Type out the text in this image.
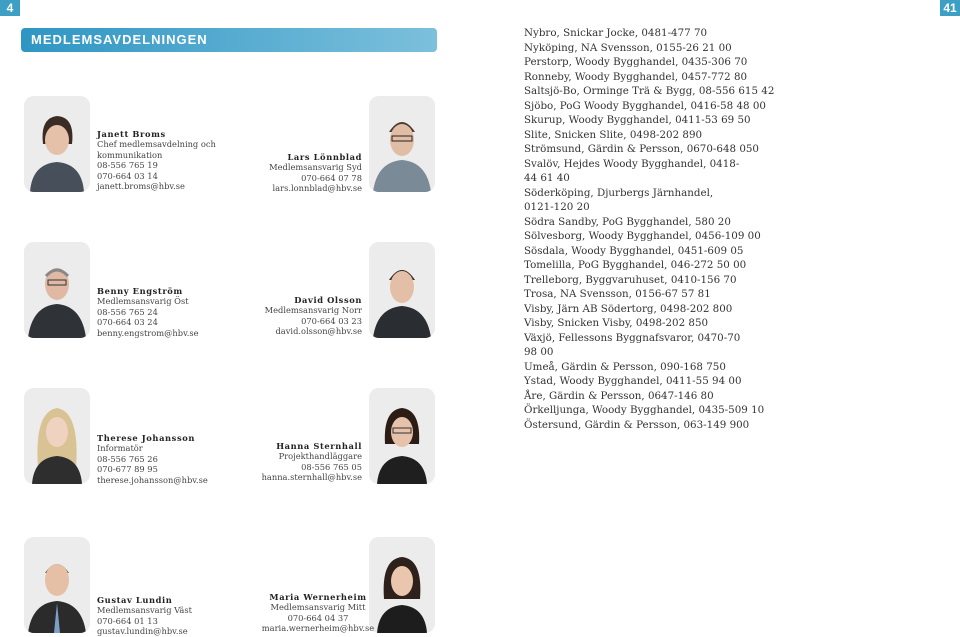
4	41
MEDLEMSAVDELNINGEN
Janett Broms
Chef medlemsavdelning och
kommunikation
08-556 765 19
070-664 03 14
janett.broms@hbv.se
Lars Lönnblad
Medlemsansvarig Syd
070-664 07 78
lars.lonnblad@hbv.se
Benny Engström
Medlemsansvarig Öst
08-556 765 24
070-664 03 24
benny.engstrom@hbv.se
David Olsson
Medlemsansvarig Norr
070-664 03 23
david.olsson@hbv.se
Therese Johansson
Informatör
08-556 765 26
070-677 89 95
therese.johansson@hbv.se
Hanna Sternhall
Projekthandläggare
08-556 765 05
hanna.sternhall@hbv.se
Gustav Lundin
Medlemsansvarig Väst
070-664 01 13
gustav.lundin@hbv.se
Maria Wernerheim
Medlemsansvarig Mitt
070-664 04 37
maria.wernerheim@hbv.se
Nybro, Snickar Jocke, 0481-477 70
Nyköping, NA Svensson, 0155-26 21 00
Perstorp, Woody Bygghandel, 0435-306 70
Ronneby, Woody Bygghandel, 0457-772 80
Saltsjö-Bo, Orminge Trä & Bygg, 08-556 615 42
Sjöbo, PoG Woody Bygghandel, 0416-58 48 00
Skurup, Woody Bygghandel, 0411-53 69 50
Slite, Snicken Slite, 0498-202 890
Strömsund, Gärdin & Persson, 0670-648 050
Svalöv, Hejdes Woody Bygghandel, 0418-
44 61 40
Söderköping, Djurbergs Järnhandel,
0121-120 20
Södra Sandby, PoG Bygghandel, 580 20
Sölvesborg, Woody Bygghandel, 0456-109 00
Sösdala, Woody Bygghandel, 0451-609 05
Tomelilla, PoG Bygghandel, 046-272 50 00
Trelleborg, Byggvaruhuset, 0410-156 70
Trosa, NA Svensson, 0156-67 57 81
Visby, Järn AB Södertorg, 0498-202 800
Visby, Snicken Visby, 0498-202 850
Växjö, Fellessons Byggnafsvaror, 0470-70
98 00
Umeå, Gärdin & Persson, 090-168 750
Ystad, Woody Bygghandel, 0411-55 94 00
Åre, Gärdin & Persson, 0647-146 80
Örkelljunga, Woody Bygghandel, 0435-509 10
Östersund, Gärdin & Persson, 063-149 900
